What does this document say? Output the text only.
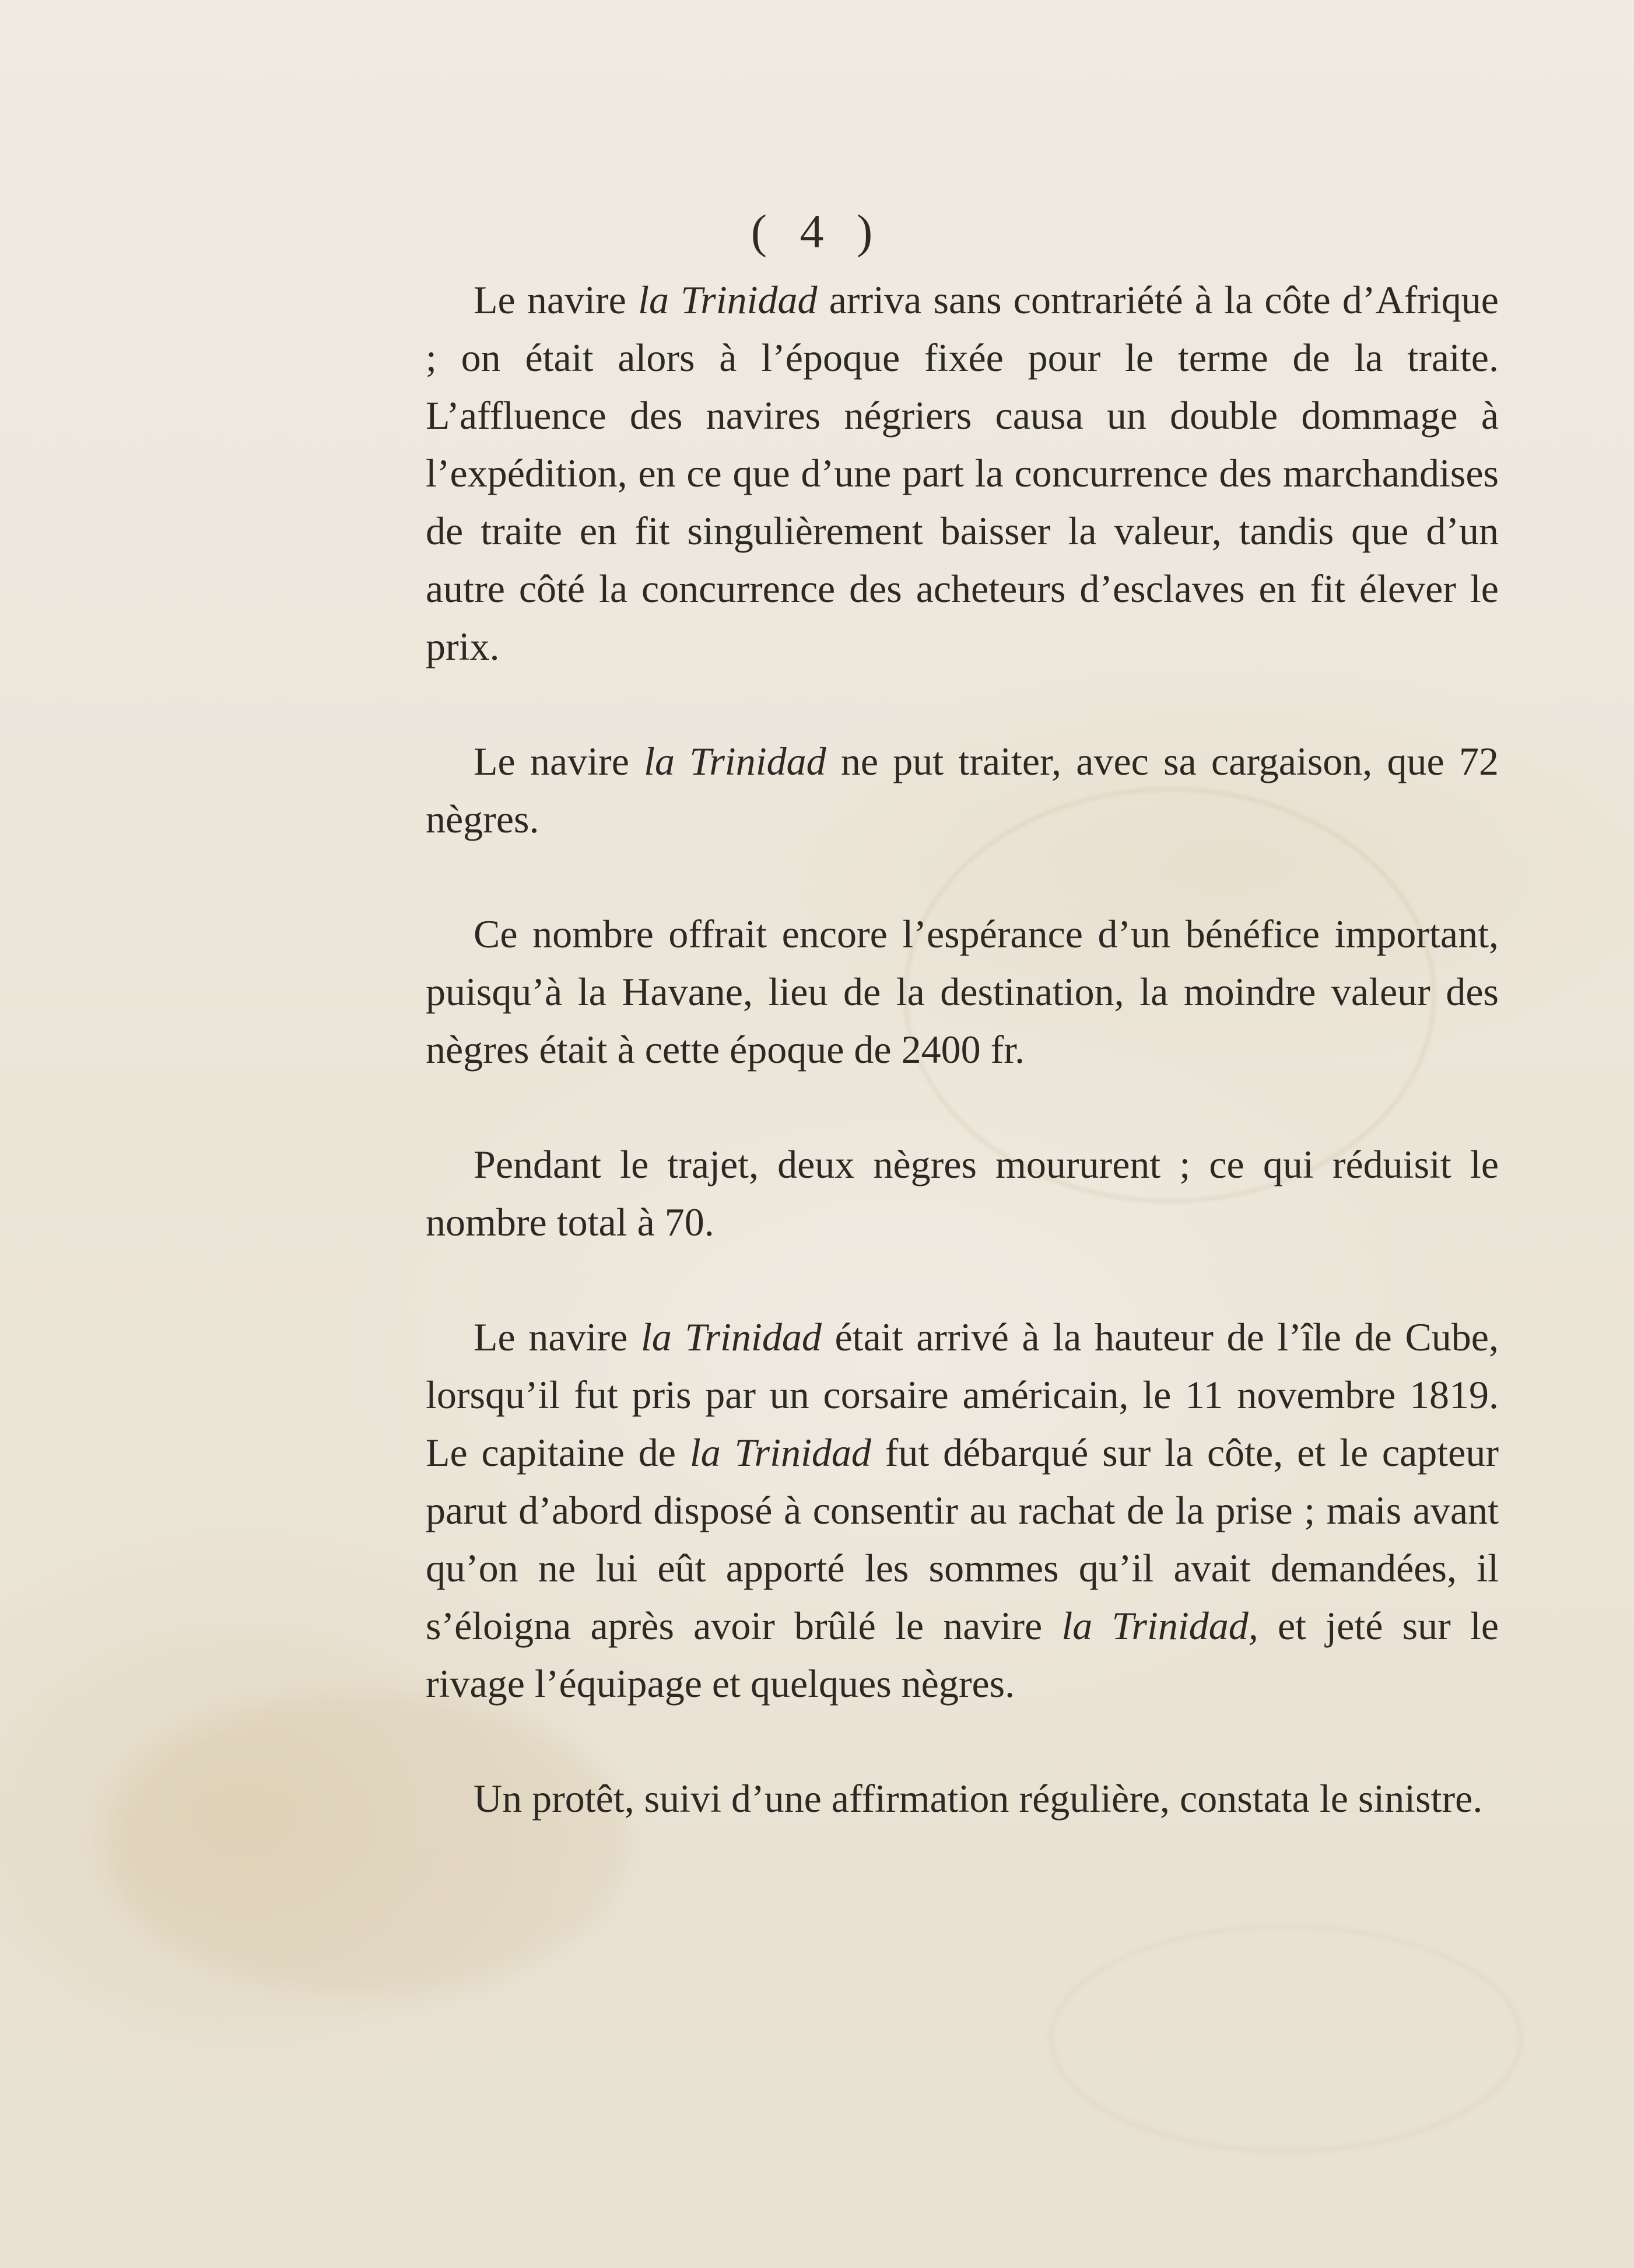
( 4 )

Le navire la Trinidad arriva sans contrariété à la côte d’Afrique ; on était alors à l’époque fixée pour le terme de la traite. L’affluence des navires négriers causa un double dommage à l’expédition, en ce que d’une part la concurrence des marchandises de traite en fit singulièrement baisser la valeur, tandis que d’un autre côté la concurrence des acheteurs d’esclaves en fit élever le prix.

Le navire la Trinidad ne put traiter, avec sa cargaison, que 72 nègres.

Ce nombre offrait encore l’espérance d’un bénéfice important, puisqu’à la Havane, lieu de la destination, la moindre valeur des nègres était à cette époque de 2400 fr.

Pendant le trajet, deux nègres moururent ; ce qui réduisit le nombre total à 70.

Le navire la Trinidad était arrivé à la hauteur de l’île de Cube, lorsqu’il fut pris par un corsaire américain, le 11 novembre 1819. Le capitaine de la Trinidad fut débarqué sur la côte, et le capteur parut d’abord disposé à consentir au rachat de la prise ; mais avant qu’on ne lui eût apporté les sommes qu’il avait demandées, il s’éloigna après avoir brûlé le navire la Trinidad, et jeté sur le rivage l’équipage et quelques nègres.

Un protêt, suivi d’une affirmation régulière, constata le sinistre.
